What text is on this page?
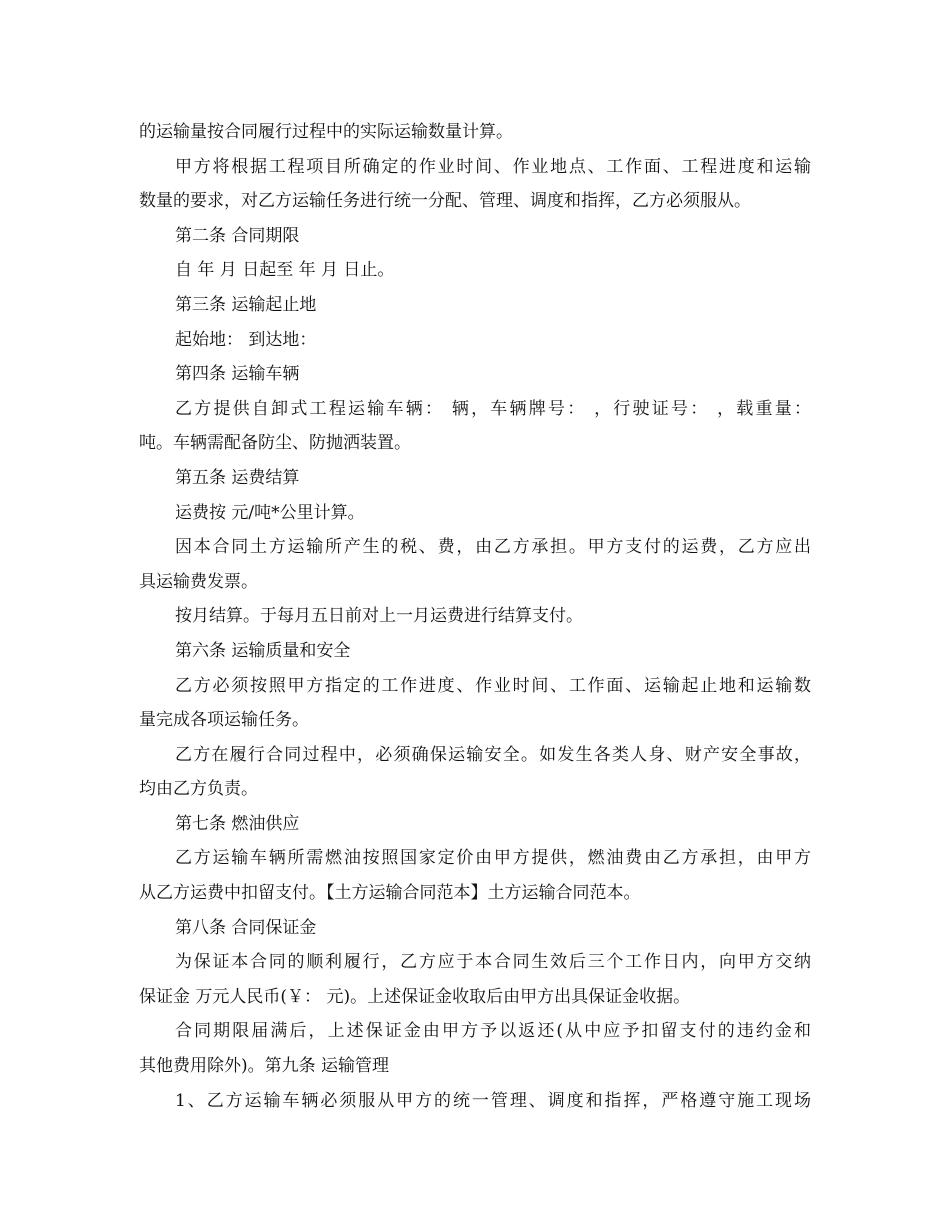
的运输量按合同履行过程中的实际运输数量计算。
甲方将根据工程项目所确定的作业时间、作业地点、工作面、工程进度和运输
数量的要求，对乙方运输任务进行统一分配、管理、调度和指挥，乙方必须服从。
第二条 合同期限
自 年 月 日起至 年 月 日止。
第三条 运输起止地
起始地： 到达地：
第四条 运输车辆
乙方提供自卸式工程运输车辆： 辆，车辆牌号： ，行驶证号： ，载重量：
吨。车辆需配备防尘、防抛洒装置。
第五条 运费结算
运费按 元/吨*公里计算。
因本合同土方运输所产生的税、费，由乙方承担。甲方支付的运费，乙方应出
具运输费发票。
按月结算。于每月五日前对上一月运费进行结算支付。
第六条 运输质量和安全
乙方必须按照甲方指定的工作进度、作业时间、工作面、运输起止地和运输数
量完成各项运输任务。
乙方在履行合同过程中，必须确保运输安全。如发生各类人身、财产安全事故，
均由乙方负责。
第七条 燃油供应
乙方运输车辆所需燃油按照国家定价由甲方提供，燃油费由乙方承担，由甲方
从乙方运费中扣留支付。【土方运输合同范本】土方运输合同范本。
第八条 合同保证金
为保证本合同的顺利履行，乙方应于本合同生效后三个工作日内，向甲方交纳
保证金 万元人民币(￥： 元)。上述保证金收取后由甲方出具保证金收据。
合同期限届满后，上述保证金由甲方予以返还(从中应予扣留支付的违约金和
其他费用除外)。第九条 运输管理
1、乙方运输车辆必须服从甲方的统一管理、调度和指挥，严格遵守施工现场
